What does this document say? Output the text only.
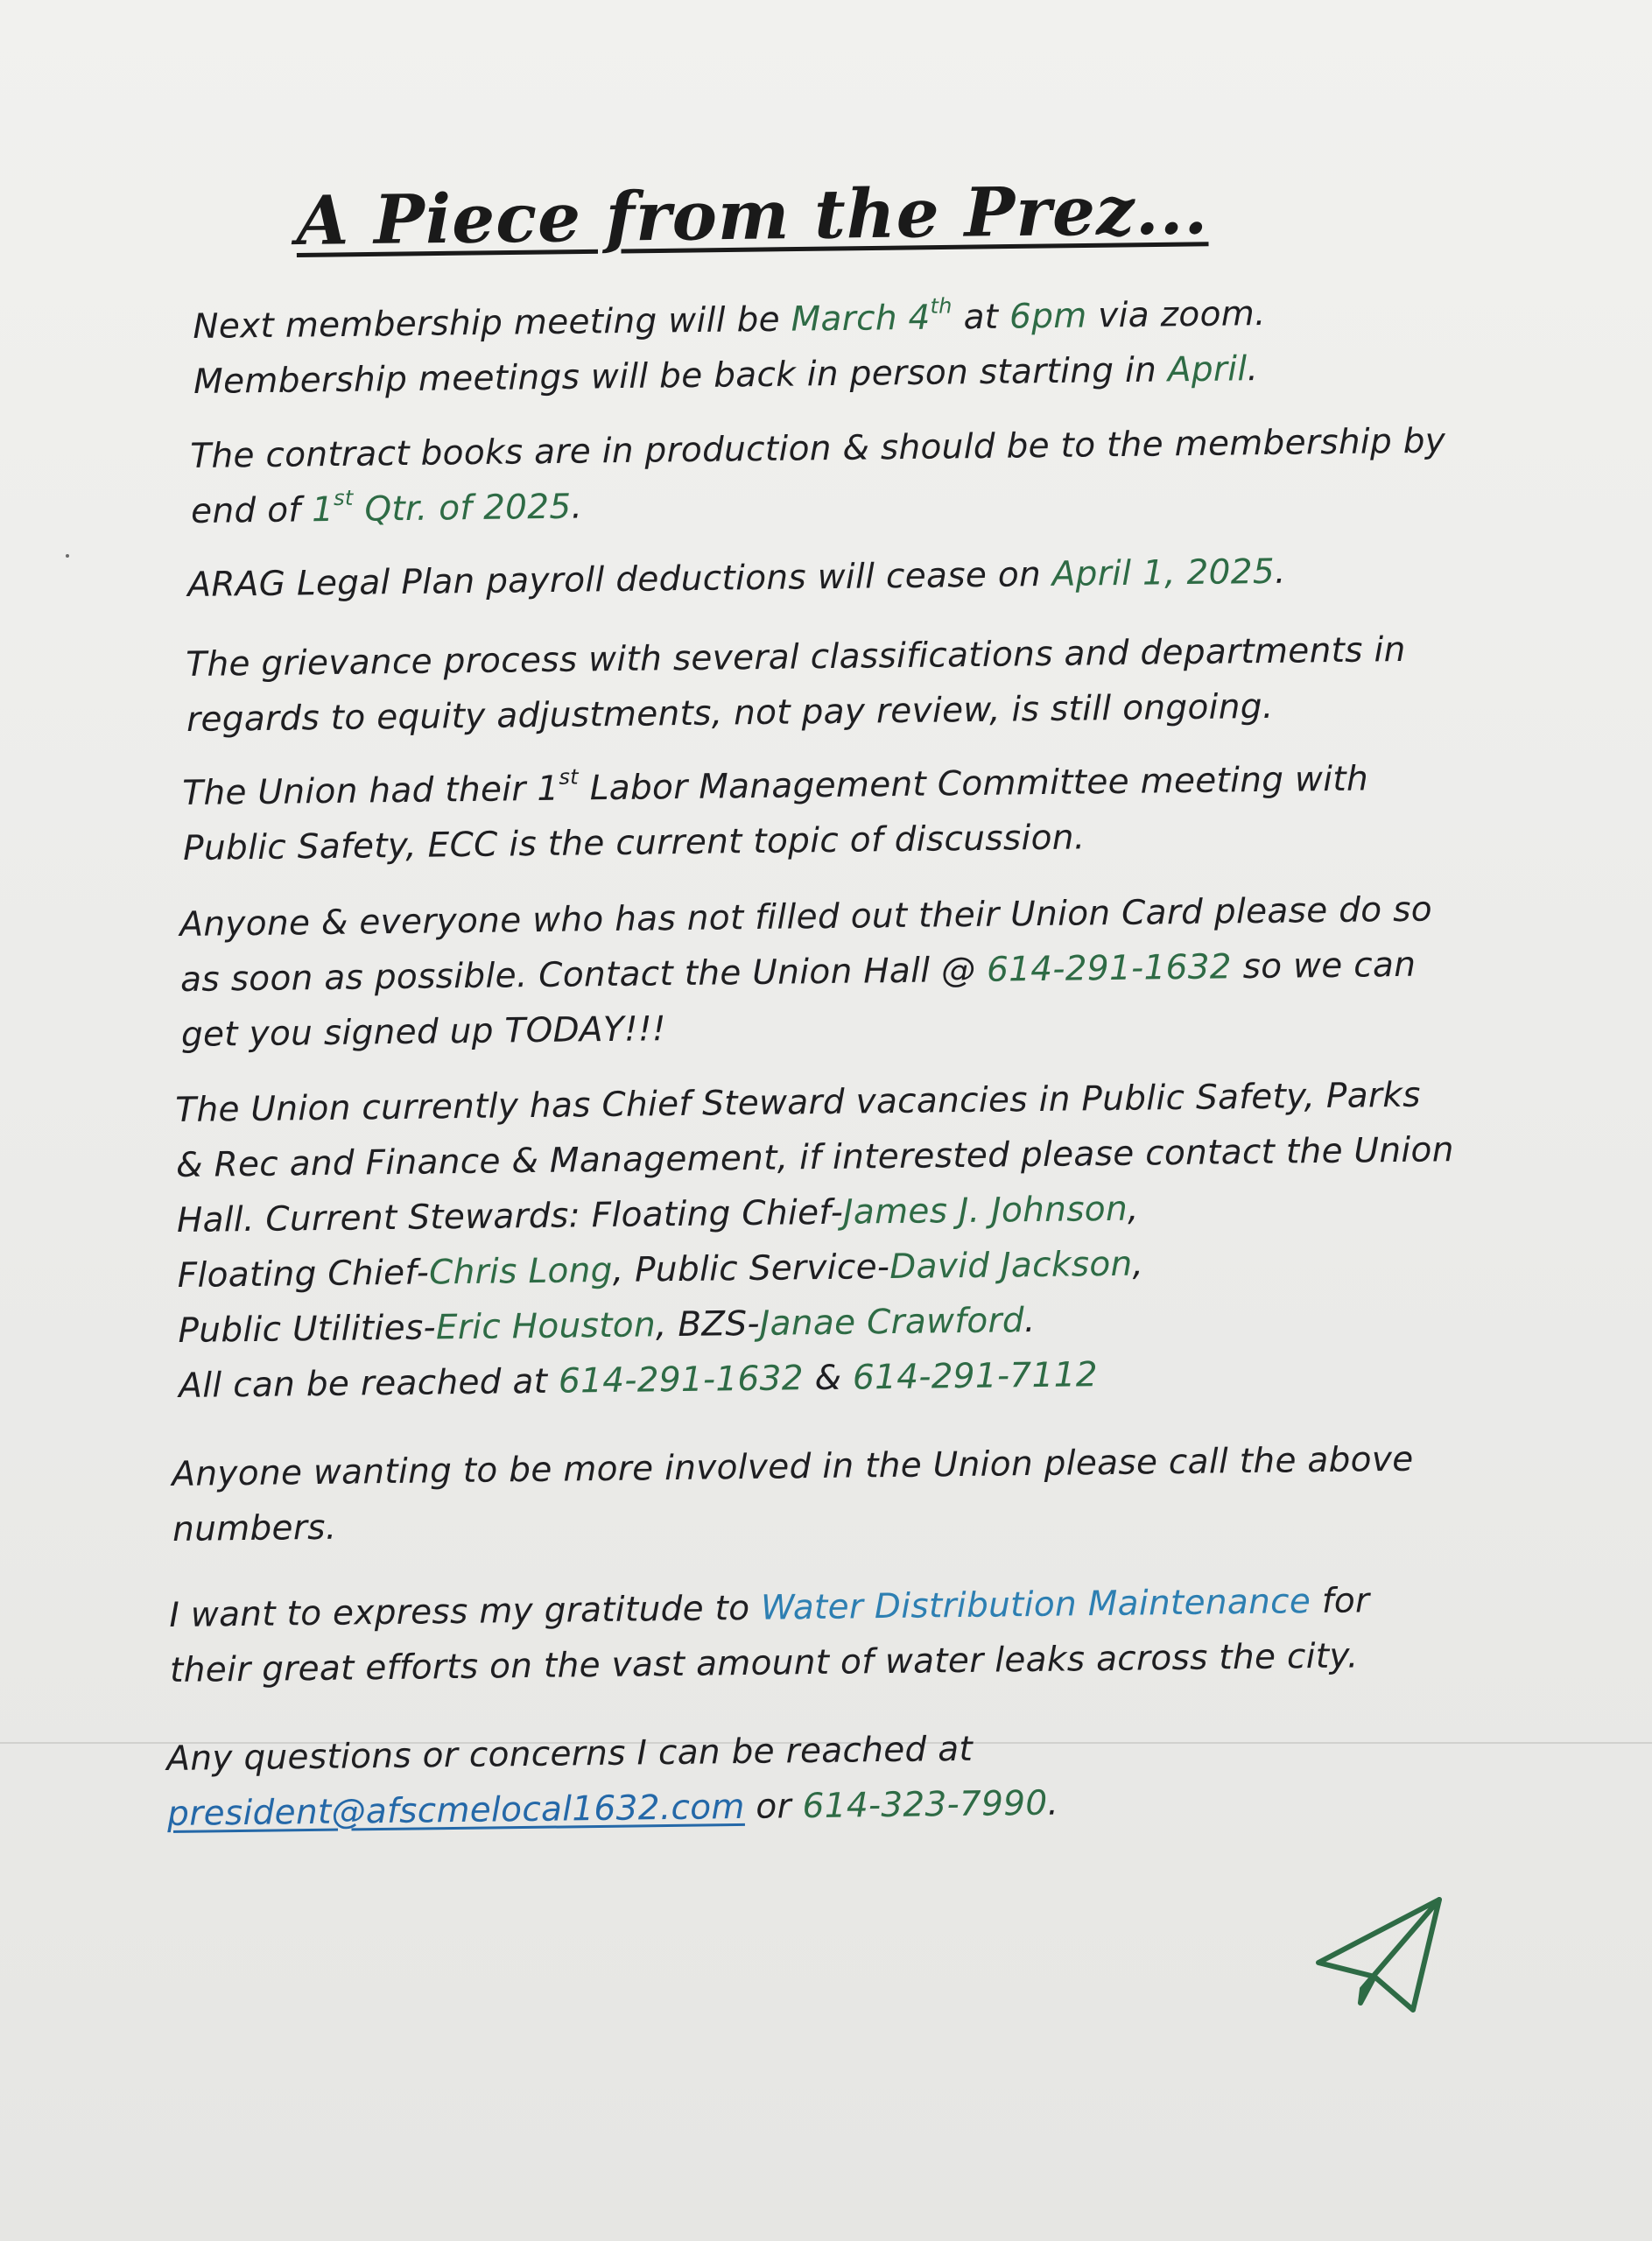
A Piece from the Prez...

Next membership meeting will be March 4th at 6pm via zoom.
Membership meetings will be back in person starting in April.

The contract books are in production & should be to the membership by
end of 1st Qtr. of 2025.

ARAG Legal Plan payroll deductions will cease on April 1, 2025.

The grievance process with several classifications and departments in
regards to equity adjustments, not pay review, is still ongoing.

The Union had their 1st Labor Management Committee meeting with
Public Safety, ECC is the current topic of discussion.

Anyone & everyone who has not filled out their Union Card please do so
as soon as possible. Contact the Union Hall @ 614-291-1632 so we can
get you signed up TODAY!!!

The Union currently has Chief Steward vacancies in Public Safety, Parks
& Rec and Finance & Management, if interested please contact the Union
Hall. Current Stewards: Floating Chief-James J. Johnson,
Floating Chief-Chris Long, Public Service-David Jackson,
Public Utilities-Eric Houston, BZS-Janae Crawford.
All can be reached at 614-291-1632 & 614-291-7112

Anyone wanting to be more involved in the Union please call the above
numbers.

I want to express my gratitude to Water Distribution Maintenance for
their great efforts on the vast amount of water leaks across the city.

Any questions or concerns I can be reached at
president@afscmelocal1632.com or 614-323-7990.
